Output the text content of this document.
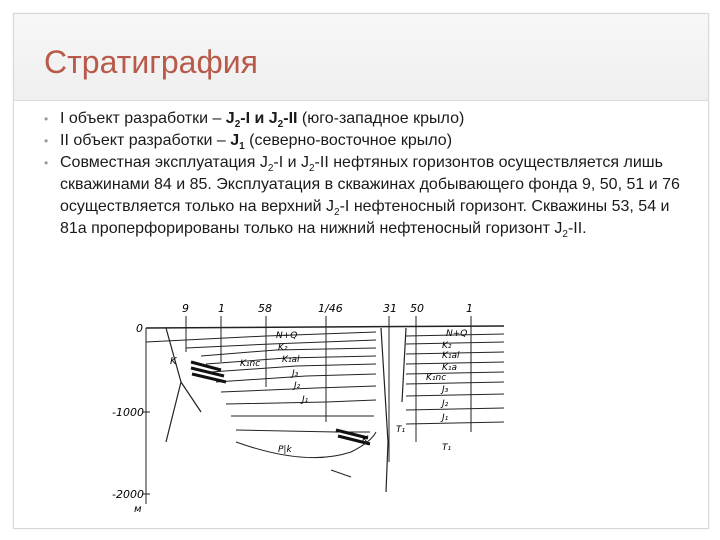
Стратиграфия
• I объект разработки – $J_2-I$ и $J_2-II$ (юго-западное крыло)
• II объект разработки – $J_1$ (северно-восточное крыло)
• Совместная эксплуатация $J_2-I$ и $J_2-II$ нефтяных горизонтов осуществляется лишь скважинами 84 и 85. Эксплуатация в скважинах добывающего фонда 9, 50, 51 и 76 осуществляется только на верхний $J_2-I$ нефтеносный горизонт. Скважины 53, 54 и 81а проперфорированы только на нижний нефтеносный горизонт $J_2-II$.
9	1	58	1/46	31 50	1
0
-1000
-2000
м
N+Q
K
K₂
K₁al
K₁nc
J₃
J₂
J₁
P|k
K
N+Q
K₂
K₁al
K₁a
K₁nc
J₃
J₂
J₁
T₁
T₁
